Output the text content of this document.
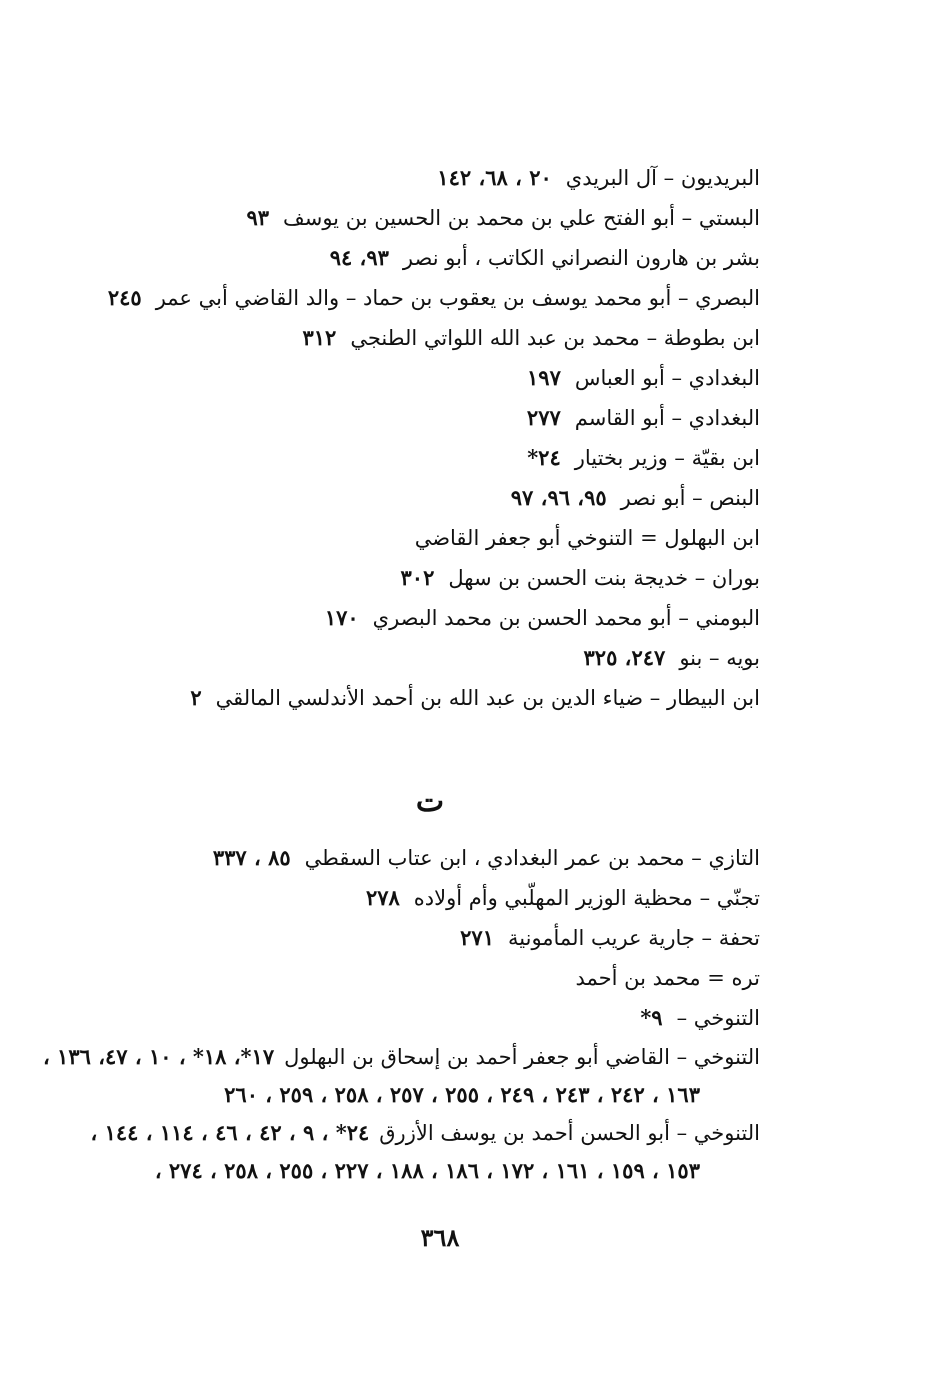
البريديون – آل البريدي٢٠ ، ٦٨، ١٤٢
البستي – أبو الفتح علي بن محمد بن الحسين بن يوسف٩٣
بشر بن هارون النصراني الكاتب ، أبو نصر٩٣، ٩٤
البصري – أبو محمد يوسف بن يعقوب بن حماد – والد القاضي أبي عمر٢٤٥
ابن بطوطة – محمد بن عبد الله اللواتي الطنجي٣١٢
البغدادي – أبو العباس١٩٧
البغدادي – أبو القاسم٢٧٧
ابن بقيّة – وزير بختيار٢٤*
البنص – أبو نصر٩٥، ٩٦، ٩٧
ابن البهلول = التنوخي أبو جعفر القاضي
بوران – خديجة بنت الحسن بن سهل٣٠٢
البومني – أبو محمد الحسن بن محمد البصري١٧٠
بويه – بنو٢٤٧، ٣٢٥
ابن البيطار – ضياء الدين بن عبد الله بن أحمد الأندلسي المالقي٢
ت
التازي – محمد بن عمر البغدادي ، ابن عتاب السقطي٨٥ ، ٣٣٧
تجنّي – محظية الوزير المهلّبي وأم أولاده٢٧٨
تحفة – جارية عريب المأمونية٢٧١
تره = محمد بن أحمد
التنوخي –٩*
التنوخي – القاضي أبو جعفر أحمد بن إسحاق بن البهلول١٧*، ١٨* ، ١٠ ، ٤٧، ١٣٦ ،
١٦٣ ، ٢٤٢ ، ٢٤٣ ، ٢٤٩ ، ٢٥٥ ، ٢٥٧ ، ٢٥٨ ، ٢٥٩ ، ٢٦٠
التنوخي – أبو الحسن أحمد بن يوسف الأزرق٢٤* ، ٩ ، ٤٢ ، ٤٦ ، ١١٤ ، ١٤٤ ،
١٥٣ ، ١٥٩ ، ١٦١ ، ١٧٢ ، ١٨٦ ، ١٨٨ ، ٢٢٧ ، ٢٥٥ ، ٢٥٨ ، ٢٧٤ ،
٣٦٨
